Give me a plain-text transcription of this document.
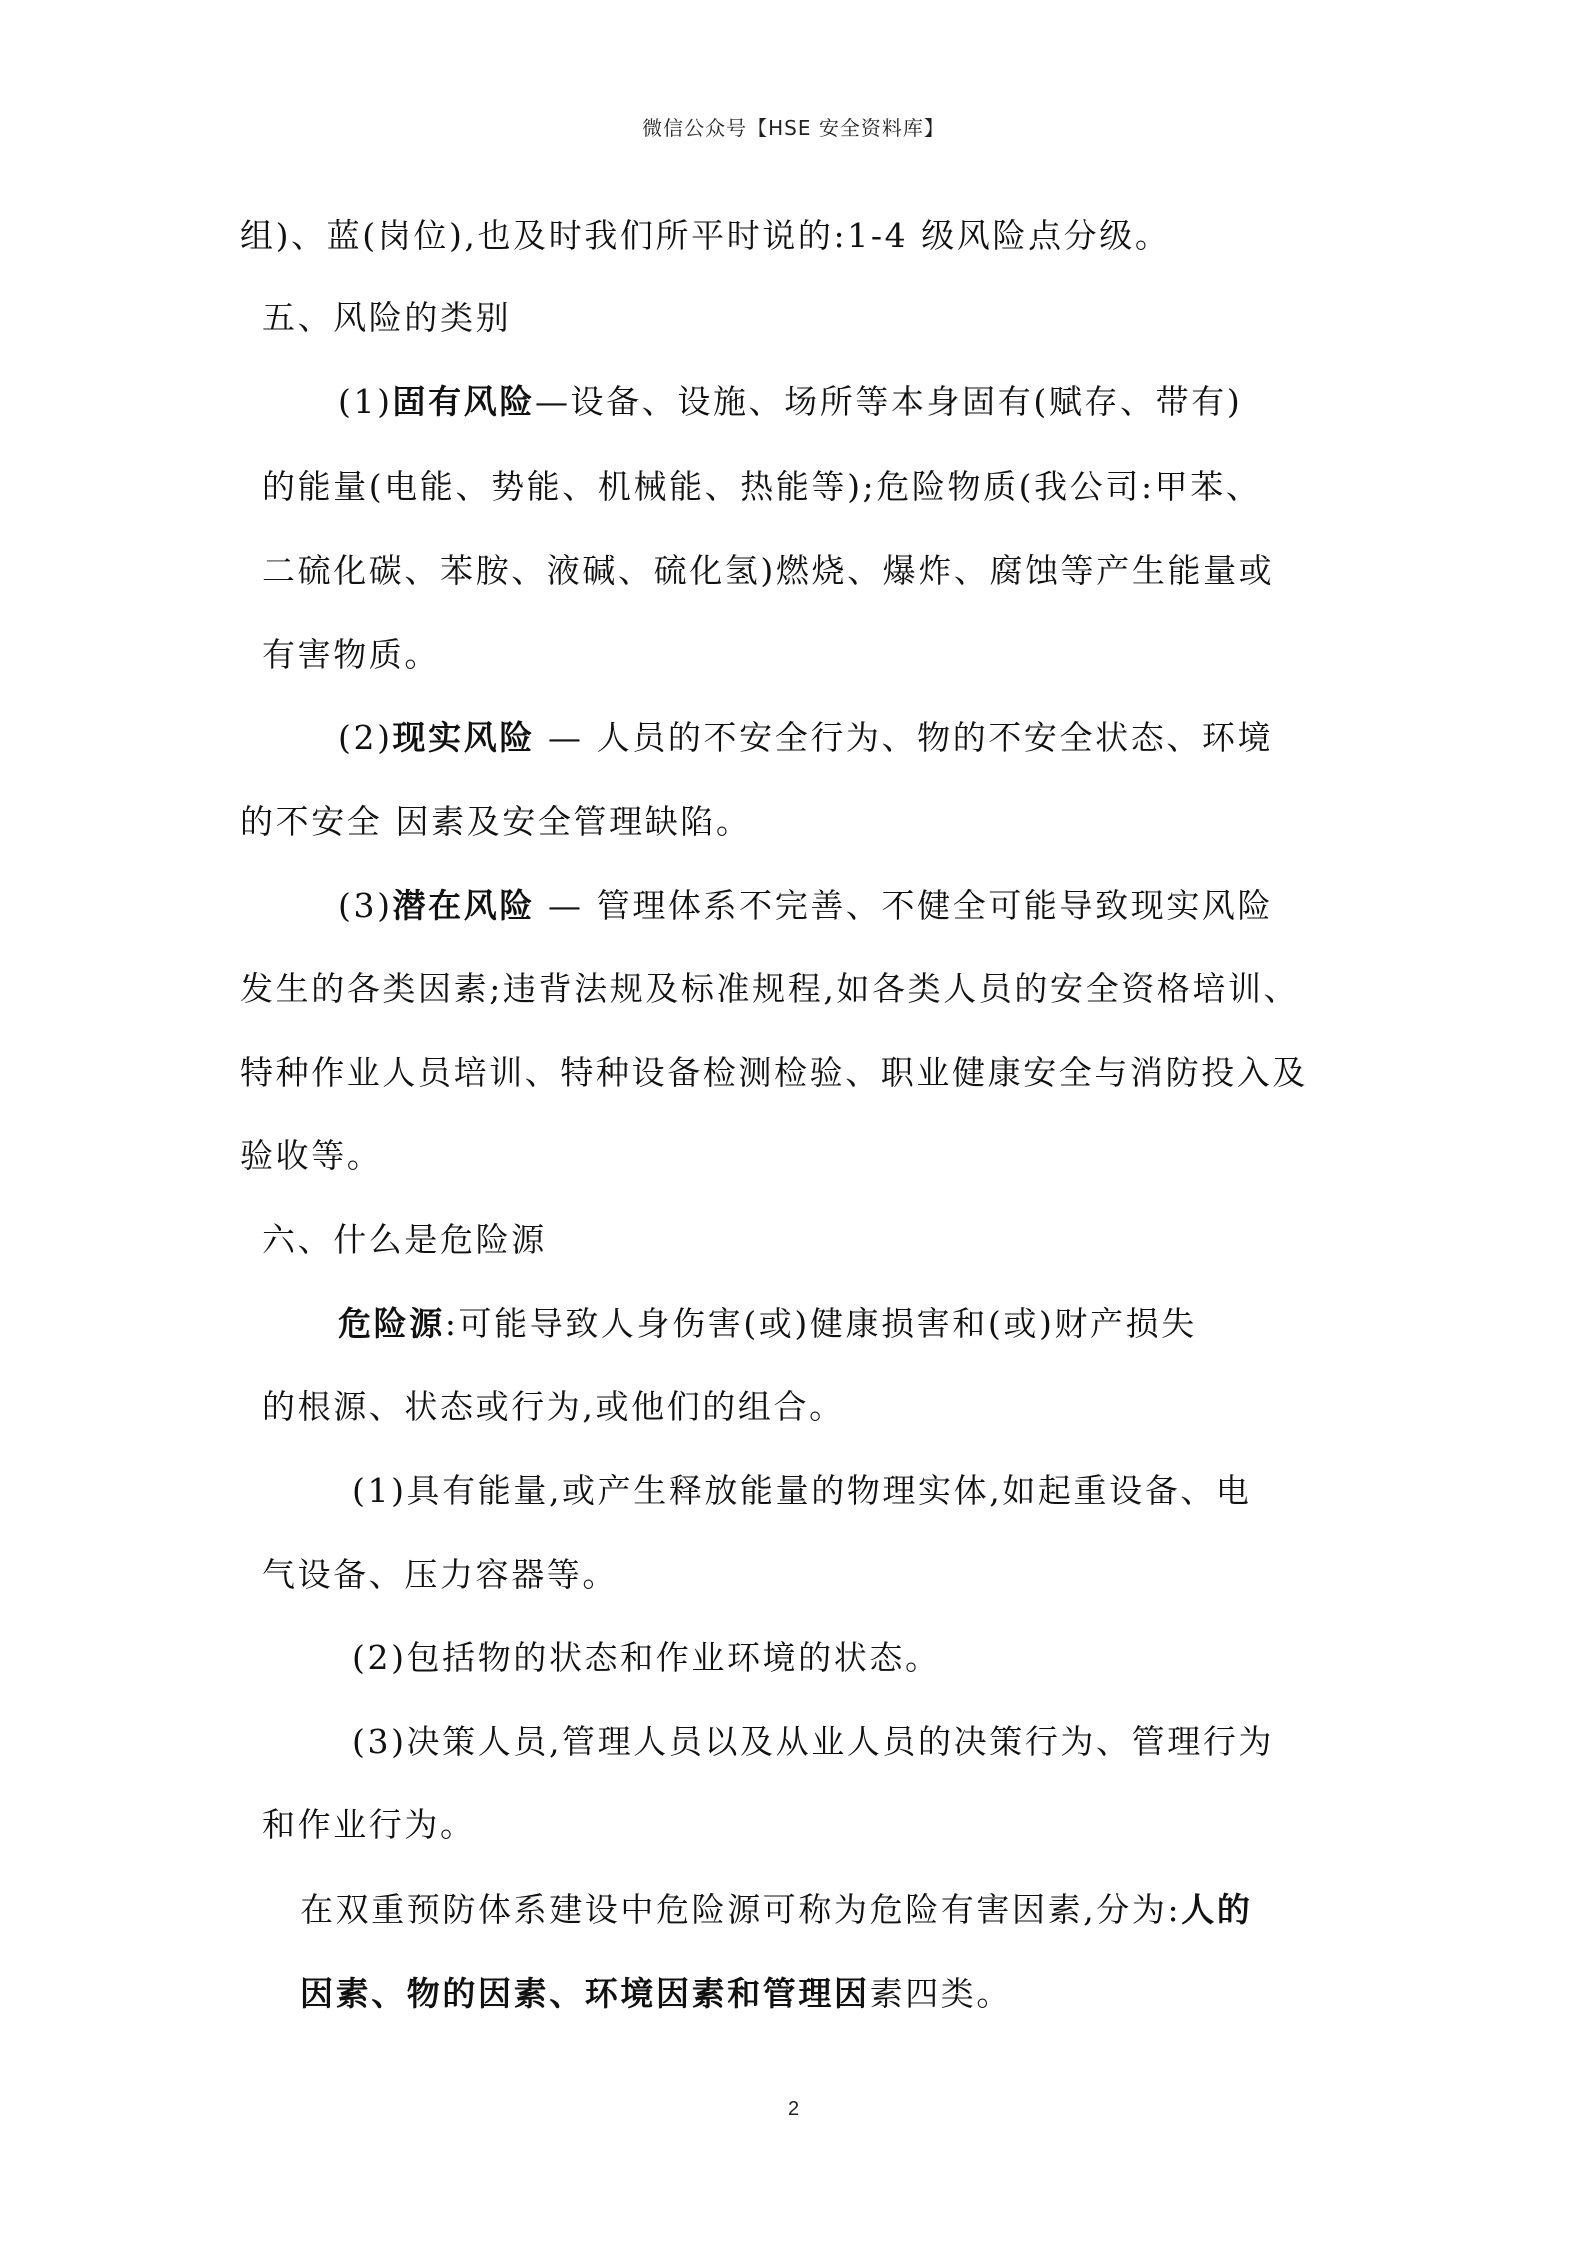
微信公众号【HSE 安全资料库】
组)、蓝(岗位),也及时我们所平时说的:1-4 级风险点分级。
五、风险的类别
(1)固有风险—设备、设施、场所等本身固有(赋存、带有)
的能量(电能、势能、机械能、热能等);危险物质(我公司:甲苯、
二硫化碳、苯胺、液碱、硫化氢)燃烧、爆炸、腐蚀等产生能量或
有害物质。
(2)现实风险 — 人员的不安全行为、物的不安全状态、环境
的不安全 因素及安全管理缺陷。
(3)潜在风险 — 管理体系不完善、不健全可能导致现实风险
发生的各类因素;违背法规及标准规程,如各类人员的安全资格培训、
特种作业人员培训、特种设备检测检验、职业健康安全与消防投入及
验收等。
六、什么是危险源
危险源:可能导致人身伤害(或)健康损害和(或)财产损失
的根源、状态或行为,或他们的组合。
(1)具有能量,或产生释放能量的物理实体,如起重设备、电
气设备、压力容器等。
(2)包括物的状态和作业环境的状态。
(3)决策人员,管理人员以及从业人员的决策行为、管理行为
和作业行为。
在双重预防体系建设中危险源可称为危险有害因素,分为:人的
因素、物的因素、环境因素和管理因素四类。
2
